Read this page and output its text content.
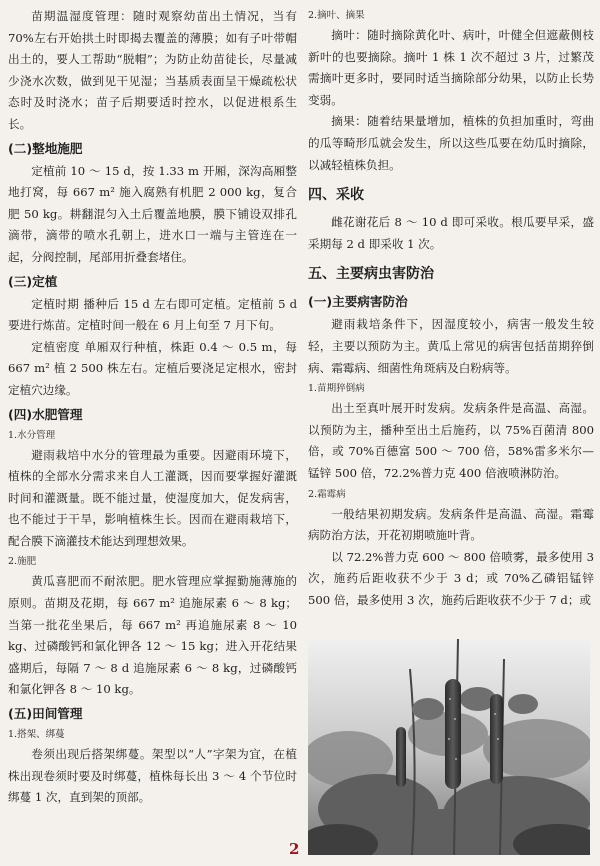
苗期温湿度管理：随时观察幼苗出土情况，当有70%左右开始拱土时即揭去覆盖的薄膜；如有子叶带帽出土的，要人工帮助“脱帽”；为防止幼苗徒长，尽量减少浇水次数，做到见干见湿；当基质表面呈干燥疏松状态时及时浇水；苗子后期要适时控水，以促进根系生长。

(二)整地施肥

定植前 10 ～ 15 d，按 1.33 m 开厢，深沟高厢整地打窝，每 667 m² 施入腐熟有机肥 2 000 kg，复合肥 50 kg。耕翻混匀入土后覆盖地膜，膜下铺设双排孔滴带，滴带的喷水孔朝上，进水口一端与主管连在一起，分阀控制，尾部用折叠套堵住。

(三)定植

定植时期 播种后 15 d 左右即可定植。定植前 5 d 要进行炼苗。定植时间一般在 6 月上旬至 7 月下旬。

定植密度 单厢双行种植，株距 0.4 ～ 0.5 m，每 667 m² 植 2 500 株左右。定植后要浇足定根水，密封定植穴边缘。

(四)水肥管理
1.水分管理

避雨栽培中水分的管理最为重要。因避雨环境下，植株的全部水分需求来自人工灌溉，因而要掌握好灌溉时间和灌溉量。既不能过量，使湿度加大，促发病害，也不能过于干旱，影响植株生长。因而在避雨栽培下，配合膜下滴灌技术能达到理想效果。

2.施肥

黄瓜喜肥而不耐浓肥。肥水管理应掌握勤施薄施的原则。苗期及花期，每 667 m² 追施尿素 6 ～ 8 kg；当第一批花坐果后，每 667 m² 再追施尿素 8 ～ 10 kg、过磷酸钙和氯化钾各 12 ～ 15 kg；进入开花结果盛期后，每隔 7 ～ 8 d 追施尿素 6 ～ 8 kg，过磷酸钙和氯化钾各 8 ～ 10 kg。

(五)田间管理
1.搭架、绑蔓

卷须出现后搭架绑蔓。架型以“人”字架为宜，在植株出现卷须时要及时绑蔓，植株每长出 3 ～ 4 个节位时绑蔓 1 次，直到架的顶部。

2.摘叶、摘果

摘叶：随时摘除黄化叶、病叶，叶健全但遮蔽侧枝新叶的也要摘除。摘叶 1 株 1 次不超过 3 片，过繁茂需摘叶更多时，要同时适当摘除部分幼果，以防止长势变弱。

摘果：随着结果量增加，植株的负担加重时，弯曲的瓜等畸形瓜就会发生，所以这些瓜要在幼瓜时摘除，以减轻植株负担。

四、采收

雌花谢花后 8 ～ 10 d 即可采收。根瓜要早采，盛采期每 2 d 即采收 1 次。

五、主要病虫害防治
(一)主要病害防治

避雨栽培条件下，因湿度较小，病害一般发生较轻，主要以预防为主。黄瓜上常见的病害包括苗期猝倒病、霜霉病、细菌性角斑病及白粉病等。

1.苗期猝倒病

出土至真叶展开时发病。发病条件是高温、高湿。以预防为主，播种至出土后施药，以 75%百菌清 800 倍，或 70%百德富 500 ～ 700 倍，58%雷多米尔—锰锌 500 倍，72.2%普力克 400 倍液喷淋防治。

2.霜霉病

一般结果初期发病。发病条件是高温、高湿。霜霉病防治方法，开花初期喷施叶背。

以 72.2%普力克 600 ～ 800 倍喷雾，最多使用 3 次，施药后距收获不少于 3 d；或 70%乙磷铝锰锌 500 倍，最多使用 3 次，施药后距收获不少于 7 d；或

2
